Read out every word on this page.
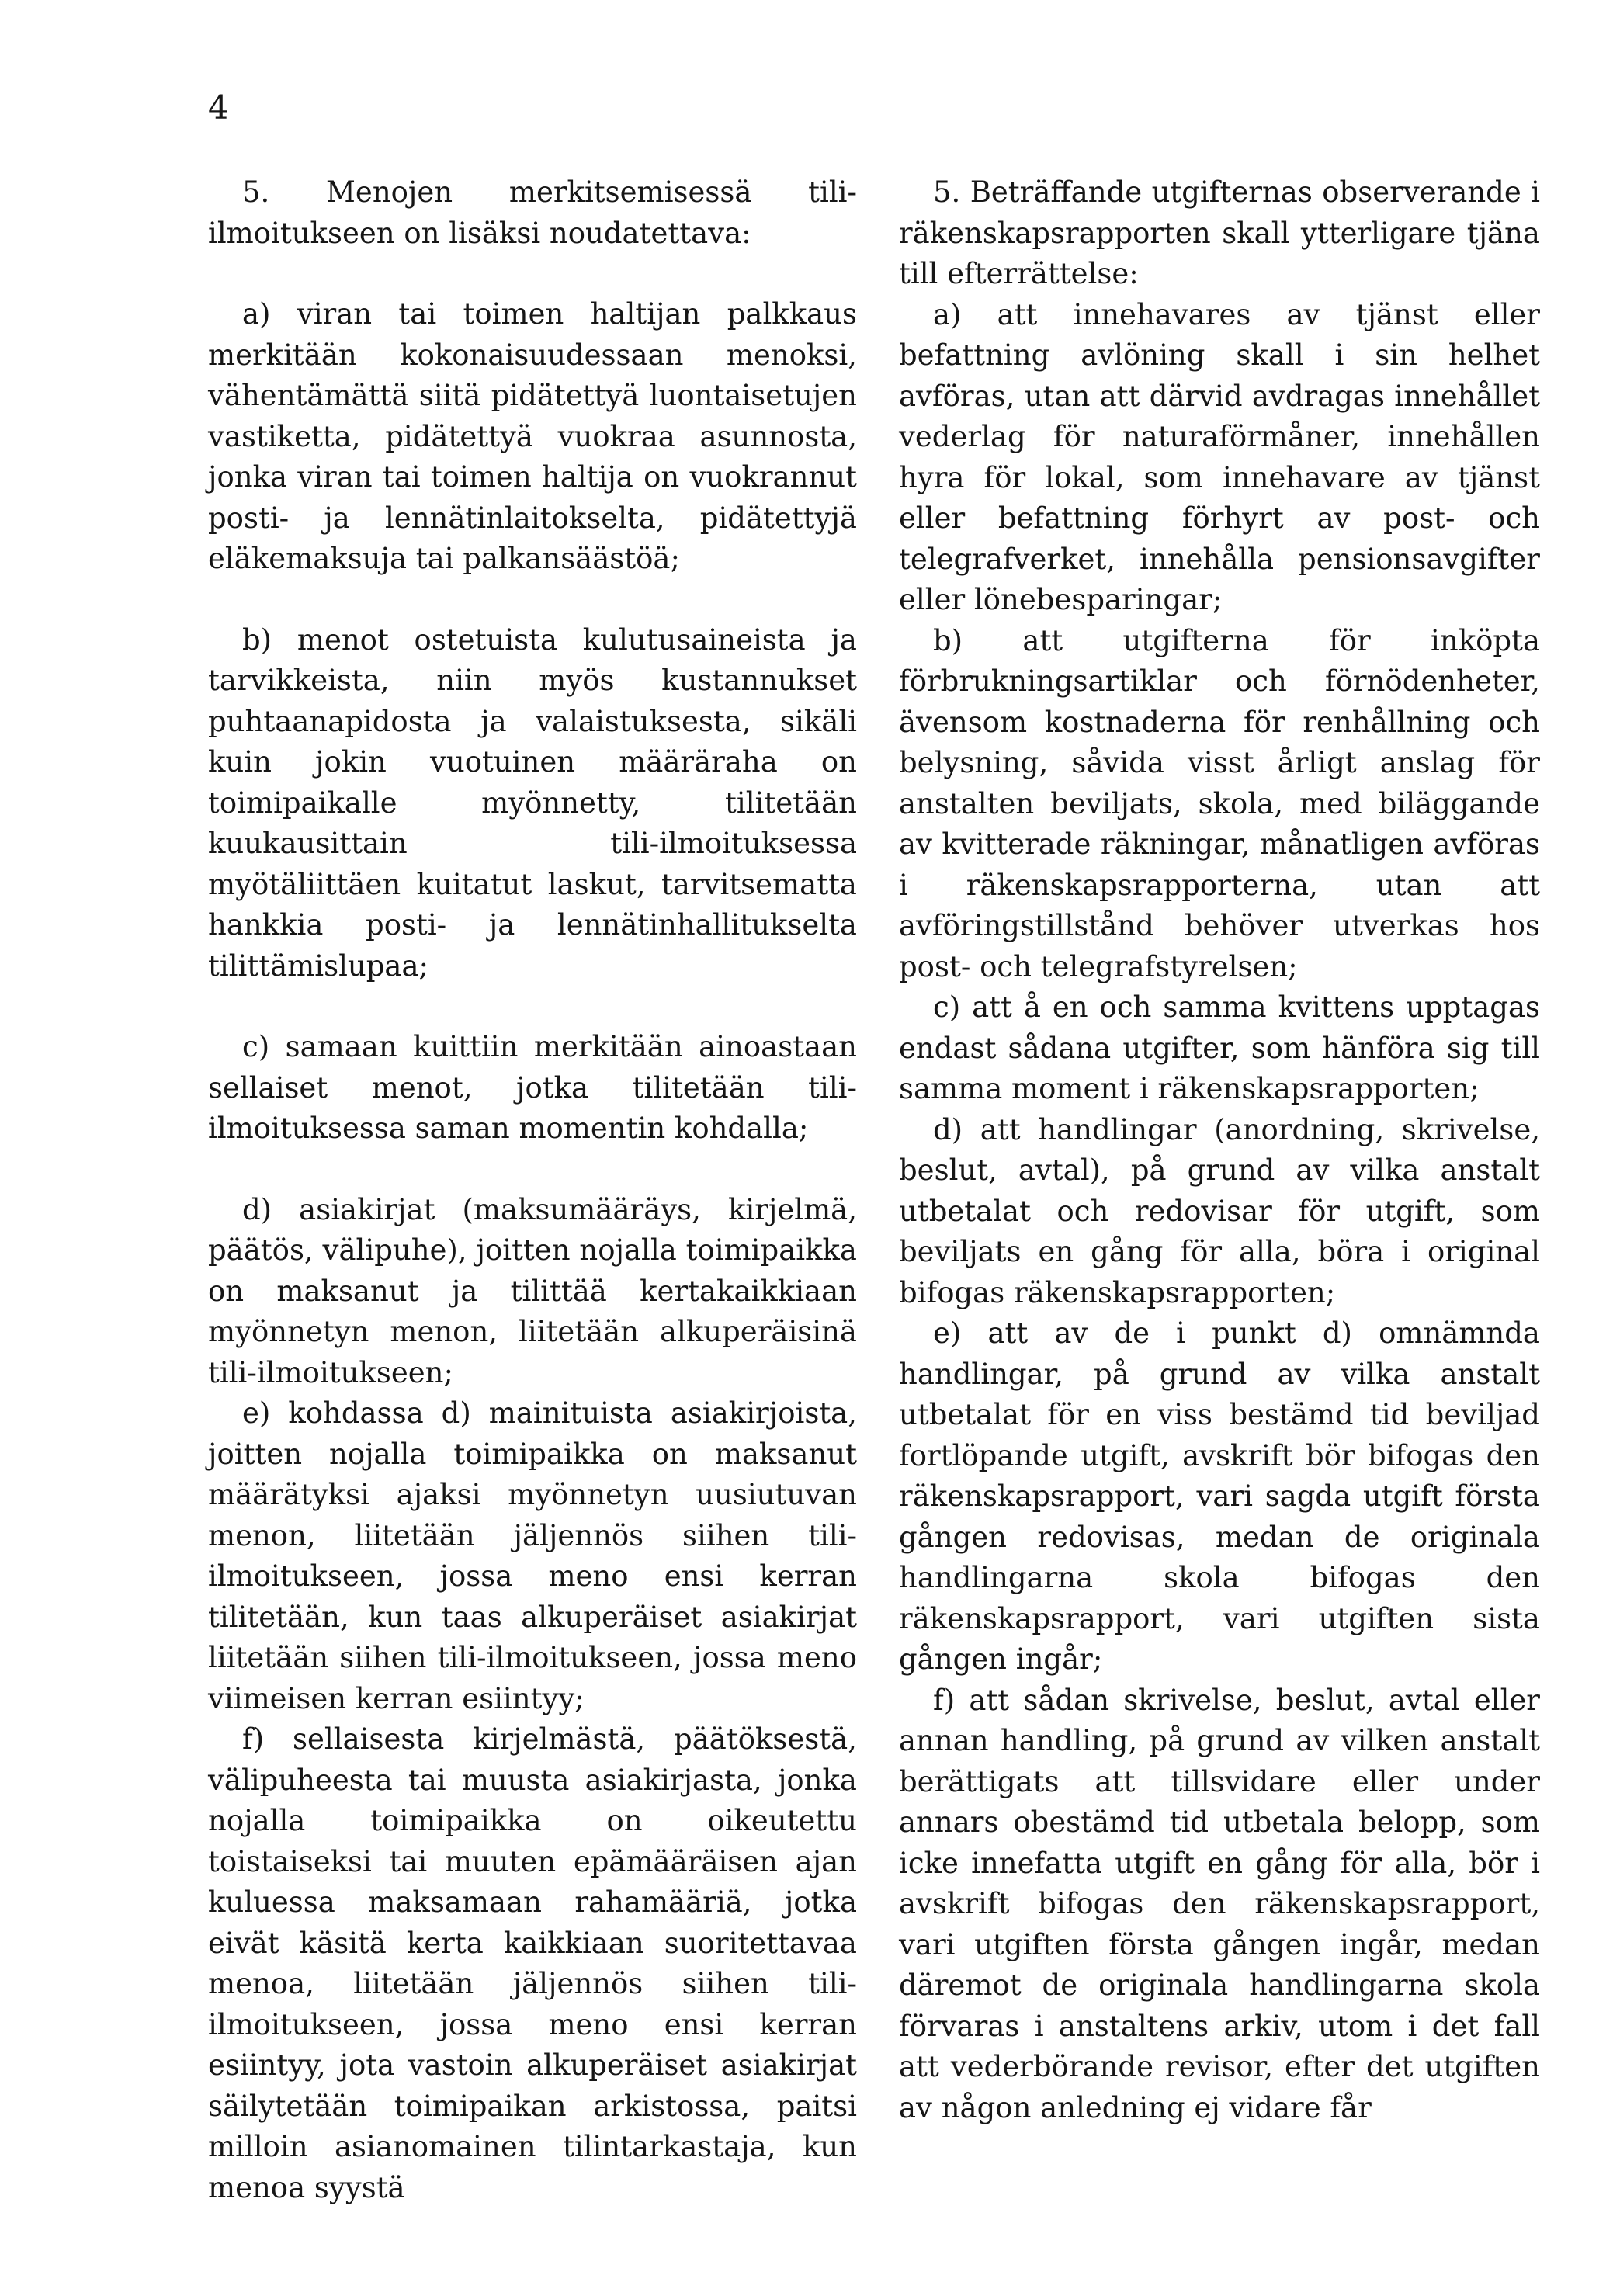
4

5. Menojen merkitsemisessä tili-ilmoitukseen on lisäksi noudatettava:

a) viran tai toimen haltijan palkkaus merkitään kokonaisuudessaan menoksi, vähentämättä siitä pidätettyä luontaisetujen vastiketta, pidätettyä vuokraa asunnosta, jonka viran tai toimen haltija on vuokrannut posti- ja lennätinlaitokselta, pidätettyjä eläkemaksuja tai palkansäästöä;

b) menot ostetuista kulutusaineista ja tarvikkeista, niin myös kustannukset puhtaanapidosta ja valaistuksesta, sikäli kuin jokin vuotuinen määräraha on toimipaikalle myönnetty, tilitetään kuukausittain tili-ilmoituksessa myötäliittäen kuitatut laskut, tarvitsematta hankkia posti- ja lennätinhallitukselta tilittämislupaa;

c) samaan kuittiin merkitään ainoastaan sellaiset menot, jotka tilitetään tili-ilmoituksessa saman momentin kohdalla;

d) asiakirjat (maksumääräys, kirjelmä, päätös, välipuhe), joitten nojalla toimipaikka on maksanut ja tilittää kertakaikkiaan myönnetyn menon, liitetään alkuperäisinä tili-ilmoitukseen;

e) kohdassa d) mainituista asiakirjoista, joitten nojalla toimipaikka on maksanut määrätyksi ajaksi myönnetyn uusiutuvan menon, liitetään jäljennös siihen tili-ilmoitukseen, jossa meno ensi kerran tilitetään, kun taas alkuperäiset asiakirjat liitetään siihen tili-ilmoitukseen, jossa meno viimeisen kerran esiintyy;

f) sellaisesta kirjelmästä, päätöksestä, välipuheesta tai muusta asiakirjasta, jonka nojalla toimipaikka on oikeutettu toistaiseksi tai muuten epämääräisen ajan kuluessa maksamaan rahamääriä, jotka eivät käsitä kerta kaikkiaan suoritettavaa menoa, liitetään jäljennös siihen tili-ilmoitukseen, jossa meno ensi kerran esiintyy, jota vastoin alkuperäiset asiakirjat säilytetään toimipaikan arkistossa, paitsi milloin asianomainen tilintarkastaja, kun menoa syystä

5. Beträffande utgifternas observerande i räkenskapsrapporten skall ytterligare tjäna till efterrättelse:

a) att innehavares av tjänst eller befattning avlöning skall i sin helhet avföras, utan att därvid avdragas innehållet vederlag för naturaförmåner, innehållen hyra för lokal, som innehavare av tjänst eller befattning förhyrt av post- och telegrafverket, innehålla pensionsavgifter eller lönebesparingar;

b) att utgifterna för inköpta förbrukningsartiklar och förnödenheter, ävensom kostnaderna för renhållning och belysning, såvida visst årligt anslag för anstalten beviljats, skola, med biläggande av kvitterade räkningar, månatligen avföras i räkenskapsrapporterna, utan att avföringstillstånd behöver utverkas hos post- och telegrafstyrelsen;

c) att å en och samma kvittens upptagas endast sådana utgifter, som hänföra sig till samma moment i räkenskapsrapporten;

d) att handlingar (anordning, skrivelse, beslut, avtal), på grund av vilka anstalt utbetalat och redovisar för utgift, som beviljats en gång för alla, böra i original bifogas räkenskapsrapporten;

e) att av de i punkt d) omnämnda handlingar, på grund av vilka anstalt utbetalat för en viss bestämd tid beviljad fortlöpande utgift, avskrift bör bifogas den räkenskapsrapport, vari sagda utgift första gången redovisas, medan de originala handlingarna skola bifogas den räkenskapsrapport, vari utgiften sista gången ingår;

f) att sådan skrivelse, beslut, avtal eller annan handling, på grund av vilken anstalt berättigats att tillsvidare eller under annars obestämd tid utbetala belopp, som icke innefatta utgift en gång för alla, bör i avskrift bifogas den räkenskapsrapport, vari utgiften första gången ingår, medan däremot de originala handlingarna skola förvaras i anstaltens arkiv, utom i det fall att vederbörande revisor, efter det utgiften av någon anledning ej vidare får
